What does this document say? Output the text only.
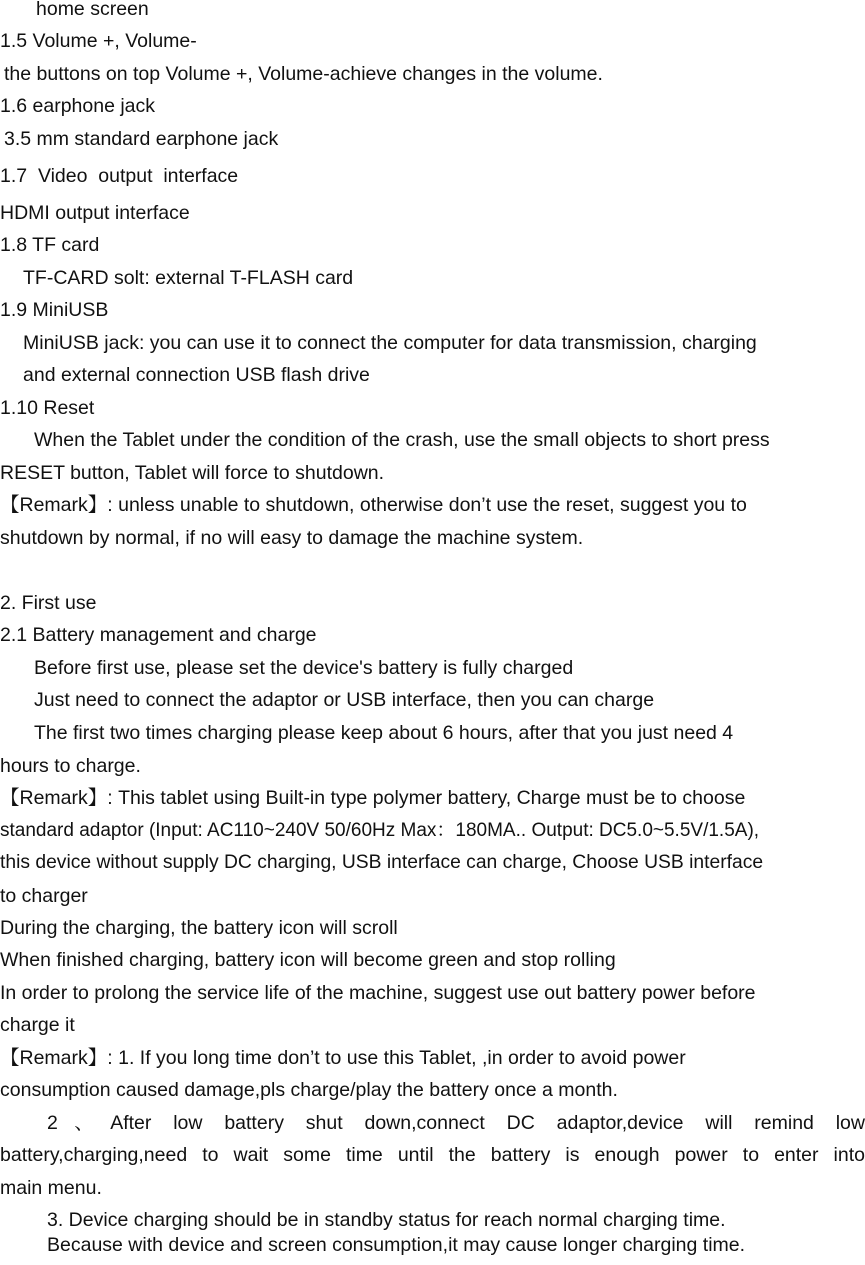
home screen
1.5 Volume +, Volume-
the buttons on top Volume +, Volume-achieve changes in the volume.
1.6 earphone jack
3.5 mm standard earphone jack
1.7  Video  output  interface
HDMI output interface
1.8 TF card
TF-CARD solt: external T-FLASH card
1.9 MiniUSB
MiniUSB jack: you can use it to connect the computer for data transmission, charging
and external connection USB flash drive
1.10 Reset
When the Tablet under the condition of the crash, use the small objects to short press
RESET button, Tablet will force to shutdown.
【Remark】: unless unable to shutdown, otherwise don’t use the reset, suggest you to
shutdown by normal, if no will easy to damage the machine system.
2. First use
2.1 Battery management and charge
Before first use, please set the device's battery is fully charged
Just need to connect the adaptor or USB interface, then you can charge
The first two times charging please keep about 6 hours, after that you just need 4
hours to charge.
【Remark】: This tablet using Built-in type polymer battery, Charge must be to choose
standard adaptor (Input: AC110~240V 50/60Hz Max：180MA.. Output: DC5.0~5.5V/1.5A),
this device without supply DC charging, USB interface can charge, Choose USB interface
to charger
During the charging, the battery icon will scroll
When finished charging, battery icon will become green and stop rolling
In order to prolong the service life of the machine, suggest use out battery power before
charge it
【Remark】: 1. If you long time don’t to use this Tablet, ,in order to avoid power
consumption caused damage,pls charge/play the battery once a month.
2、After low battery shut down,connect DC adaptor,device will remind low
battery,charging,need to wait some time until the battery is enough power to enter into
main menu.
3. Device charging should be in standby status for reach normal charging time.
Because with device and screen consumption,it may cause longer charging time.
